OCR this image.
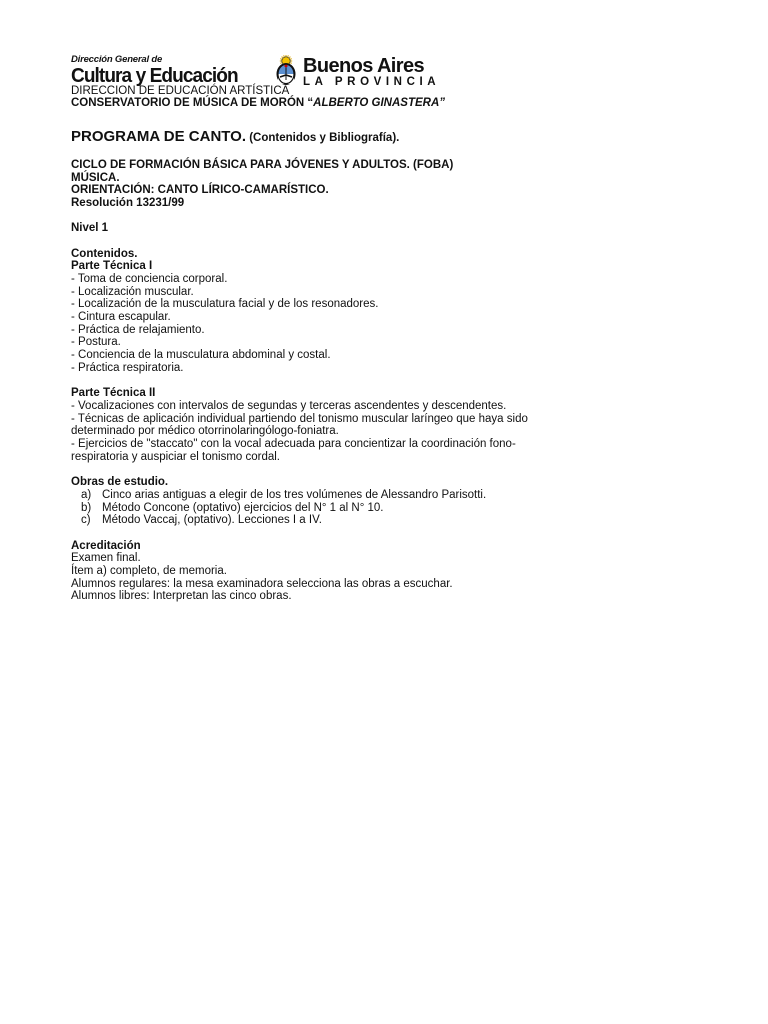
Dirección General de
Cultura y Educación	Buenos Aires
LA PROVINCIA
DIRECCION DE EDUCACIÓN ARTÍSTICA
CONSERVATORIO DE MÚSICA DE MORÓN “ALBERTO GINASTERA”
PROGRAMA DE CANTO. (Contenidos y Bibliografía).

CICLO DE FORMACIÓN BÁSICA PARA JÓVENES Y ADULTOS. (FOBA)

MÚSICA.

ORIENTACIÓN: CANTO LÍRICO-CAMARÍSTICO.

Resolución 13231/99

Nivel 1

Contenidos.

Parte Técnica I

- Toma de conciencia corporal.

- Localización muscular.

- Localización de la musculatura facial y de los resonadores.

- Cintura escapular.

- Práctica de relajamiento.

- Postura.

- Conciencia de la musculatura abdominal y costal.

- Práctica respiratoria.

Parte Técnica II

- Vocalizaciones con intervalos de segundas y terceras ascendentes y descendentes.

- Técnicas de aplicación individual partiendo del tonismo muscular laríngeo que haya sido

determinado por médico otorrinolaringólogo-foniatra.

- Ejercicios de "staccato" con la vocal adecuada para concientizar la coordinación fono-

respiratoria y auspiciar el tonismo cordal.

Obras de estudio.

a) Cinco arias antiguas a elegir de los tres volúmenes de Alessandro Parisotti.
b) Método Concone (optativo) ejercicios del N° 1 al N° 10.
c) Método Vaccaj, (optativo). Lecciones I a IV.

Acreditación

Examen final.

Ítem a) completo, de memoria.

Alumnos regulares: la mesa examinadora selecciona las obras a escuchar.

Alumnos libres: Interpretan las cinco obras.
